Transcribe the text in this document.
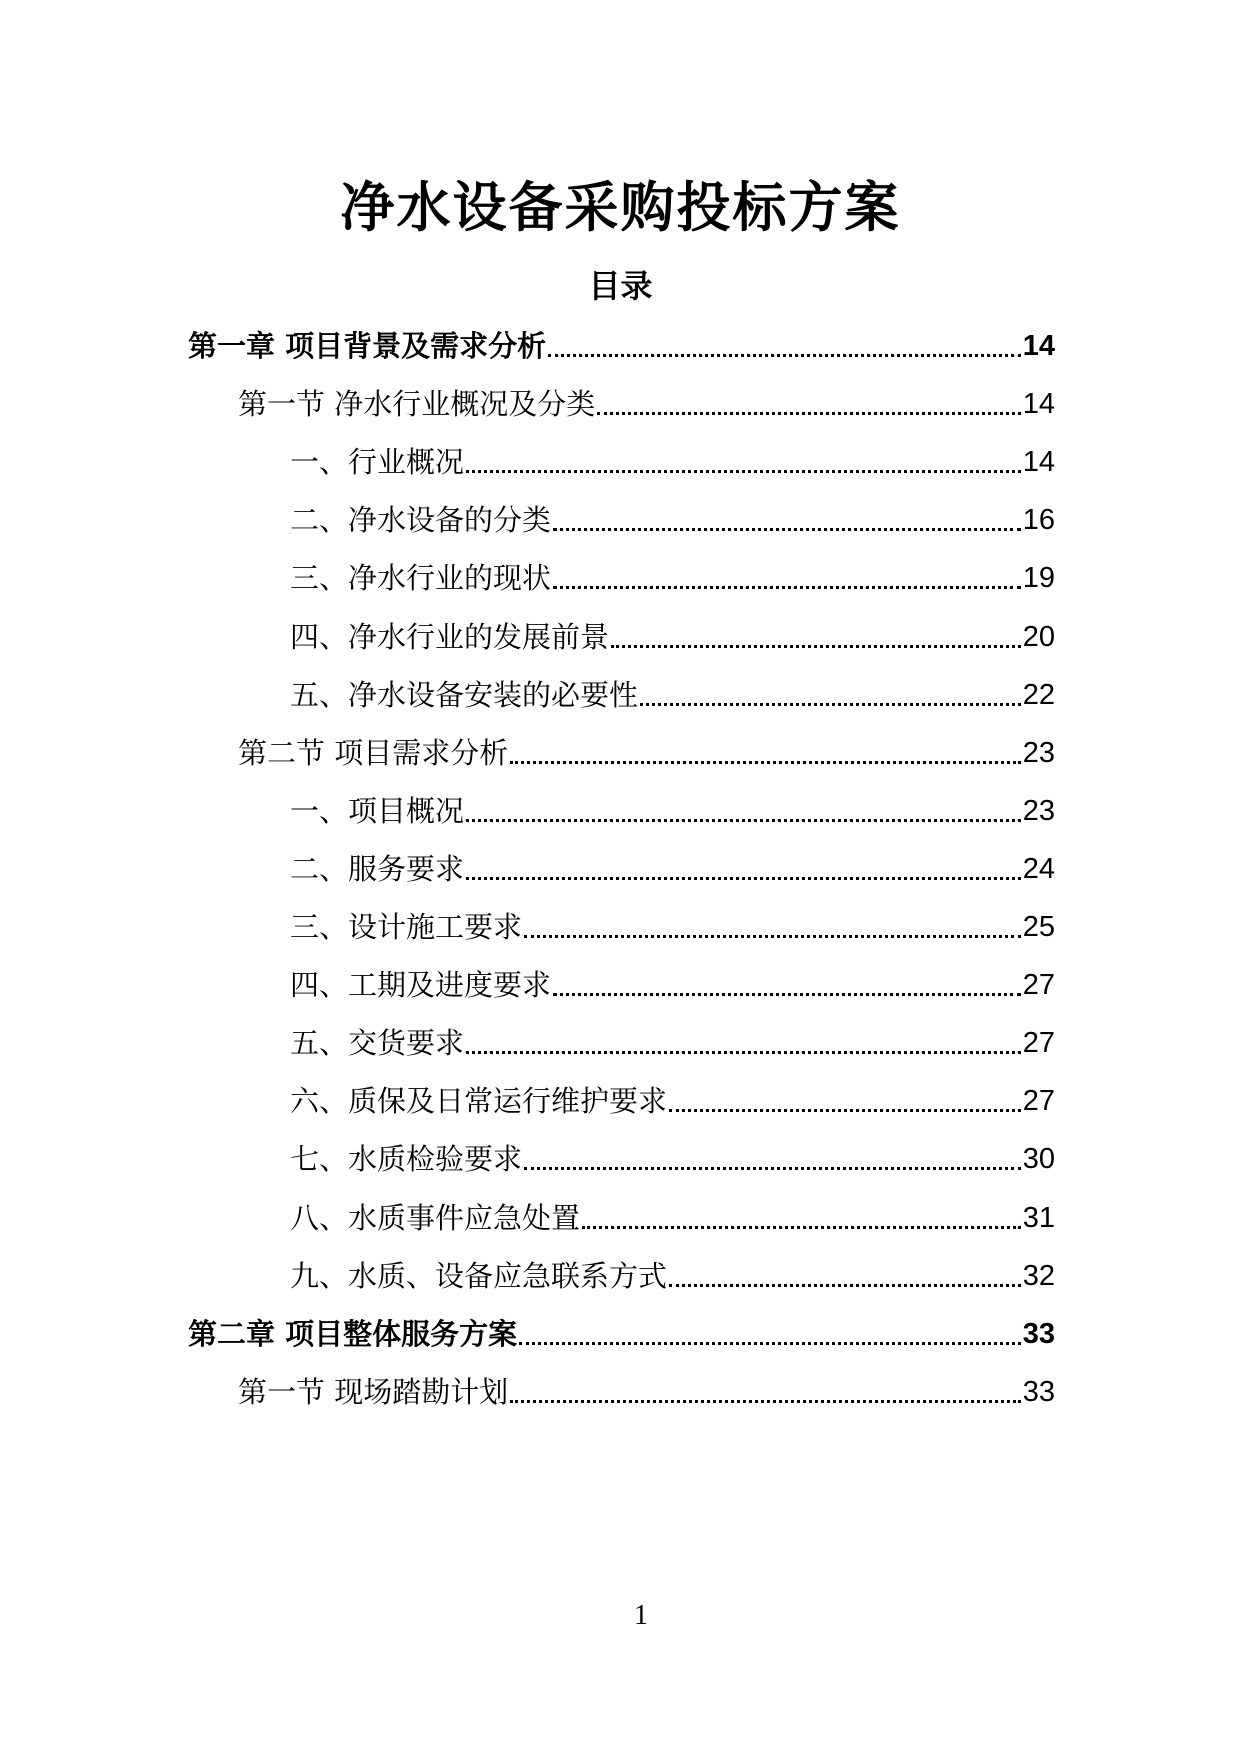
净水设备采购投标方案
目录
第一章 项目背景及需求分析	14
第一节 净水行业概况及分类	14
一、行业概况	14
二、净水设备的分类	16
三、净水行业的现状	19
四、净水行业的发展前景	20
五、净水设备安装的必要性	22
第二节 项目需求分析	23
一、项目概况	23
二、服务要求	24
三、设计施工要求	25
四、工期及进度要求	27
五、交货要求	27
六、质保及日常运行维护要求	27
七、水质检验要求	30
八、水质事件应急处置	31
九、水质、设备应急联系方式	32
第二章 项目整体服务方案	33
第一节 现场踏勘计划	33
1
